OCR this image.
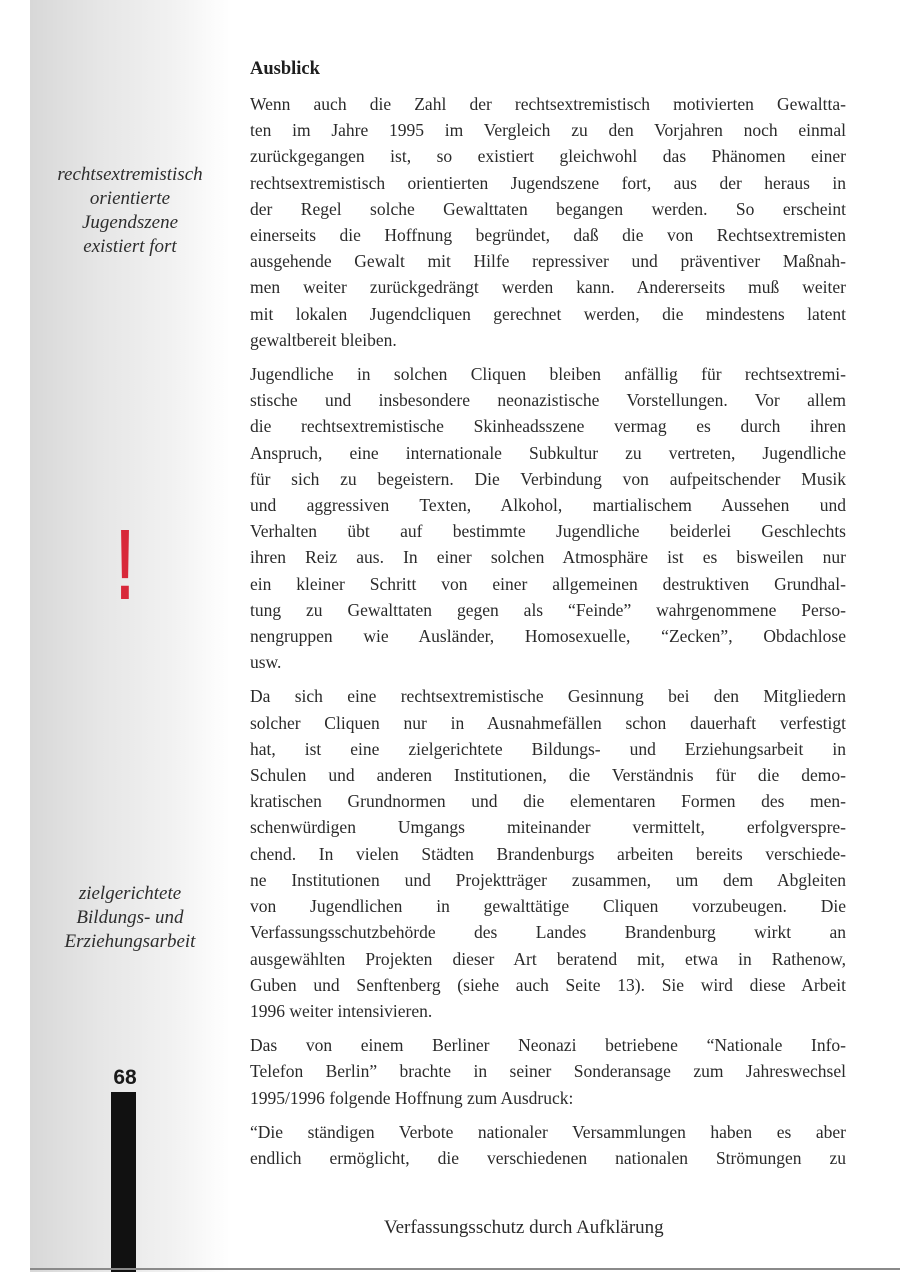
rechtsextremistisch
orientierte
Jugendszene
existiert fort
!
zielgerichtete
Bildungs- und
Erziehungsarbeit
68
Ausblick
Wenn auch die Zahl der rechtsextremistisch motivierten Gewaltta-
ten im Jahre 1995 im Vergleich zu den Vorjahren noch einmal
zurückgegangen ist, so existiert gleichwohl das Phänomen einer
rechtsextremistisch orientierten Jugendszene fort, aus der heraus in
der Regel solche Gewalttaten begangen werden. So erscheint
einerseits die Hoffnung begründet, daß die von Rechtsextremisten
ausgehende Gewalt mit Hilfe repressiver und präventiver Maßnah-
men weiter zurückgedrängt werden kann. Andererseits muß weiter
mit lokalen Jugendcliquen gerechnet werden, die mindestens latent
gewaltbereit bleiben.
Jugendliche in solchen Cliquen bleiben anfällig für rechtsextremi-
stische und insbesondere neonazistische Vorstellungen. Vor allem
die rechtsextremistische Skinheadsszene vermag es durch ihren
Anspruch, eine internationale Subkultur zu vertreten, Jugendliche
für sich zu begeistern. Die Verbindung von aufpeitschender Musik
und aggressiven Texten, Alkohol, martialischem Aussehen und
Verhalten übt auf bestimmte Jugendliche beiderlei Geschlechts
ihren Reiz aus. In einer solchen Atmosphäre ist es bisweilen nur
ein kleiner Schritt von einer allgemeinen destruktiven Grundhal-
tung zu Gewalttaten gegen als “Feinde” wahrgenommene Perso-
nengruppen wie Ausländer, Homosexuelle, “Zecken”, Obdachlose
usw.
Da sich eine rechtsextremistische Gesinnung bei den Mitgliedern
solcher Cliquen nur in Ausnahmefällen schon dauerhaft verfestigt
hat, ist eine zielgerichtete Bildungs- und Erziehungsarbeit in
Schulen und anderen Institutionen, die Verständnis für die demo-
kratischen Grundnormen und die elementaren Formen des men-
schenwürdigen Umgangs miteinander vermittelt, erfolgverspre-
chend. In vielen Städten Brandenburgs arbeiten bereits verschiede-
ne Institutionen und Projektträger zusammen, um dem Abgleiten
von Jugendlichen in gewalttätige Cliquen vorzubeugen. Die
Verfassungsschutzbehörde des Landes Brandenburg wirkt an
ausgewählten Projekten dieser Art beratend mit, etwa in Rathenow,
Guben und Senftenberg (siehe auch Seite 13). Sie wird diese Arbeit
1996 weiter intensivieren.
Das von einem Berliner Neonazi betriebene “Nationale Info-
Telefon Berlin” brachte in seiner Sonderansage zum Jahreswechsel
1995/1996 folgende Hoffnung zum Ausdruck:
“Die ständigen Verbote nationaler Versammlungen haben es aber
endlich ermöglicht, die verschiedenen nationalen Strömungen zu
Verfassungsschutz durch Aufklärung
